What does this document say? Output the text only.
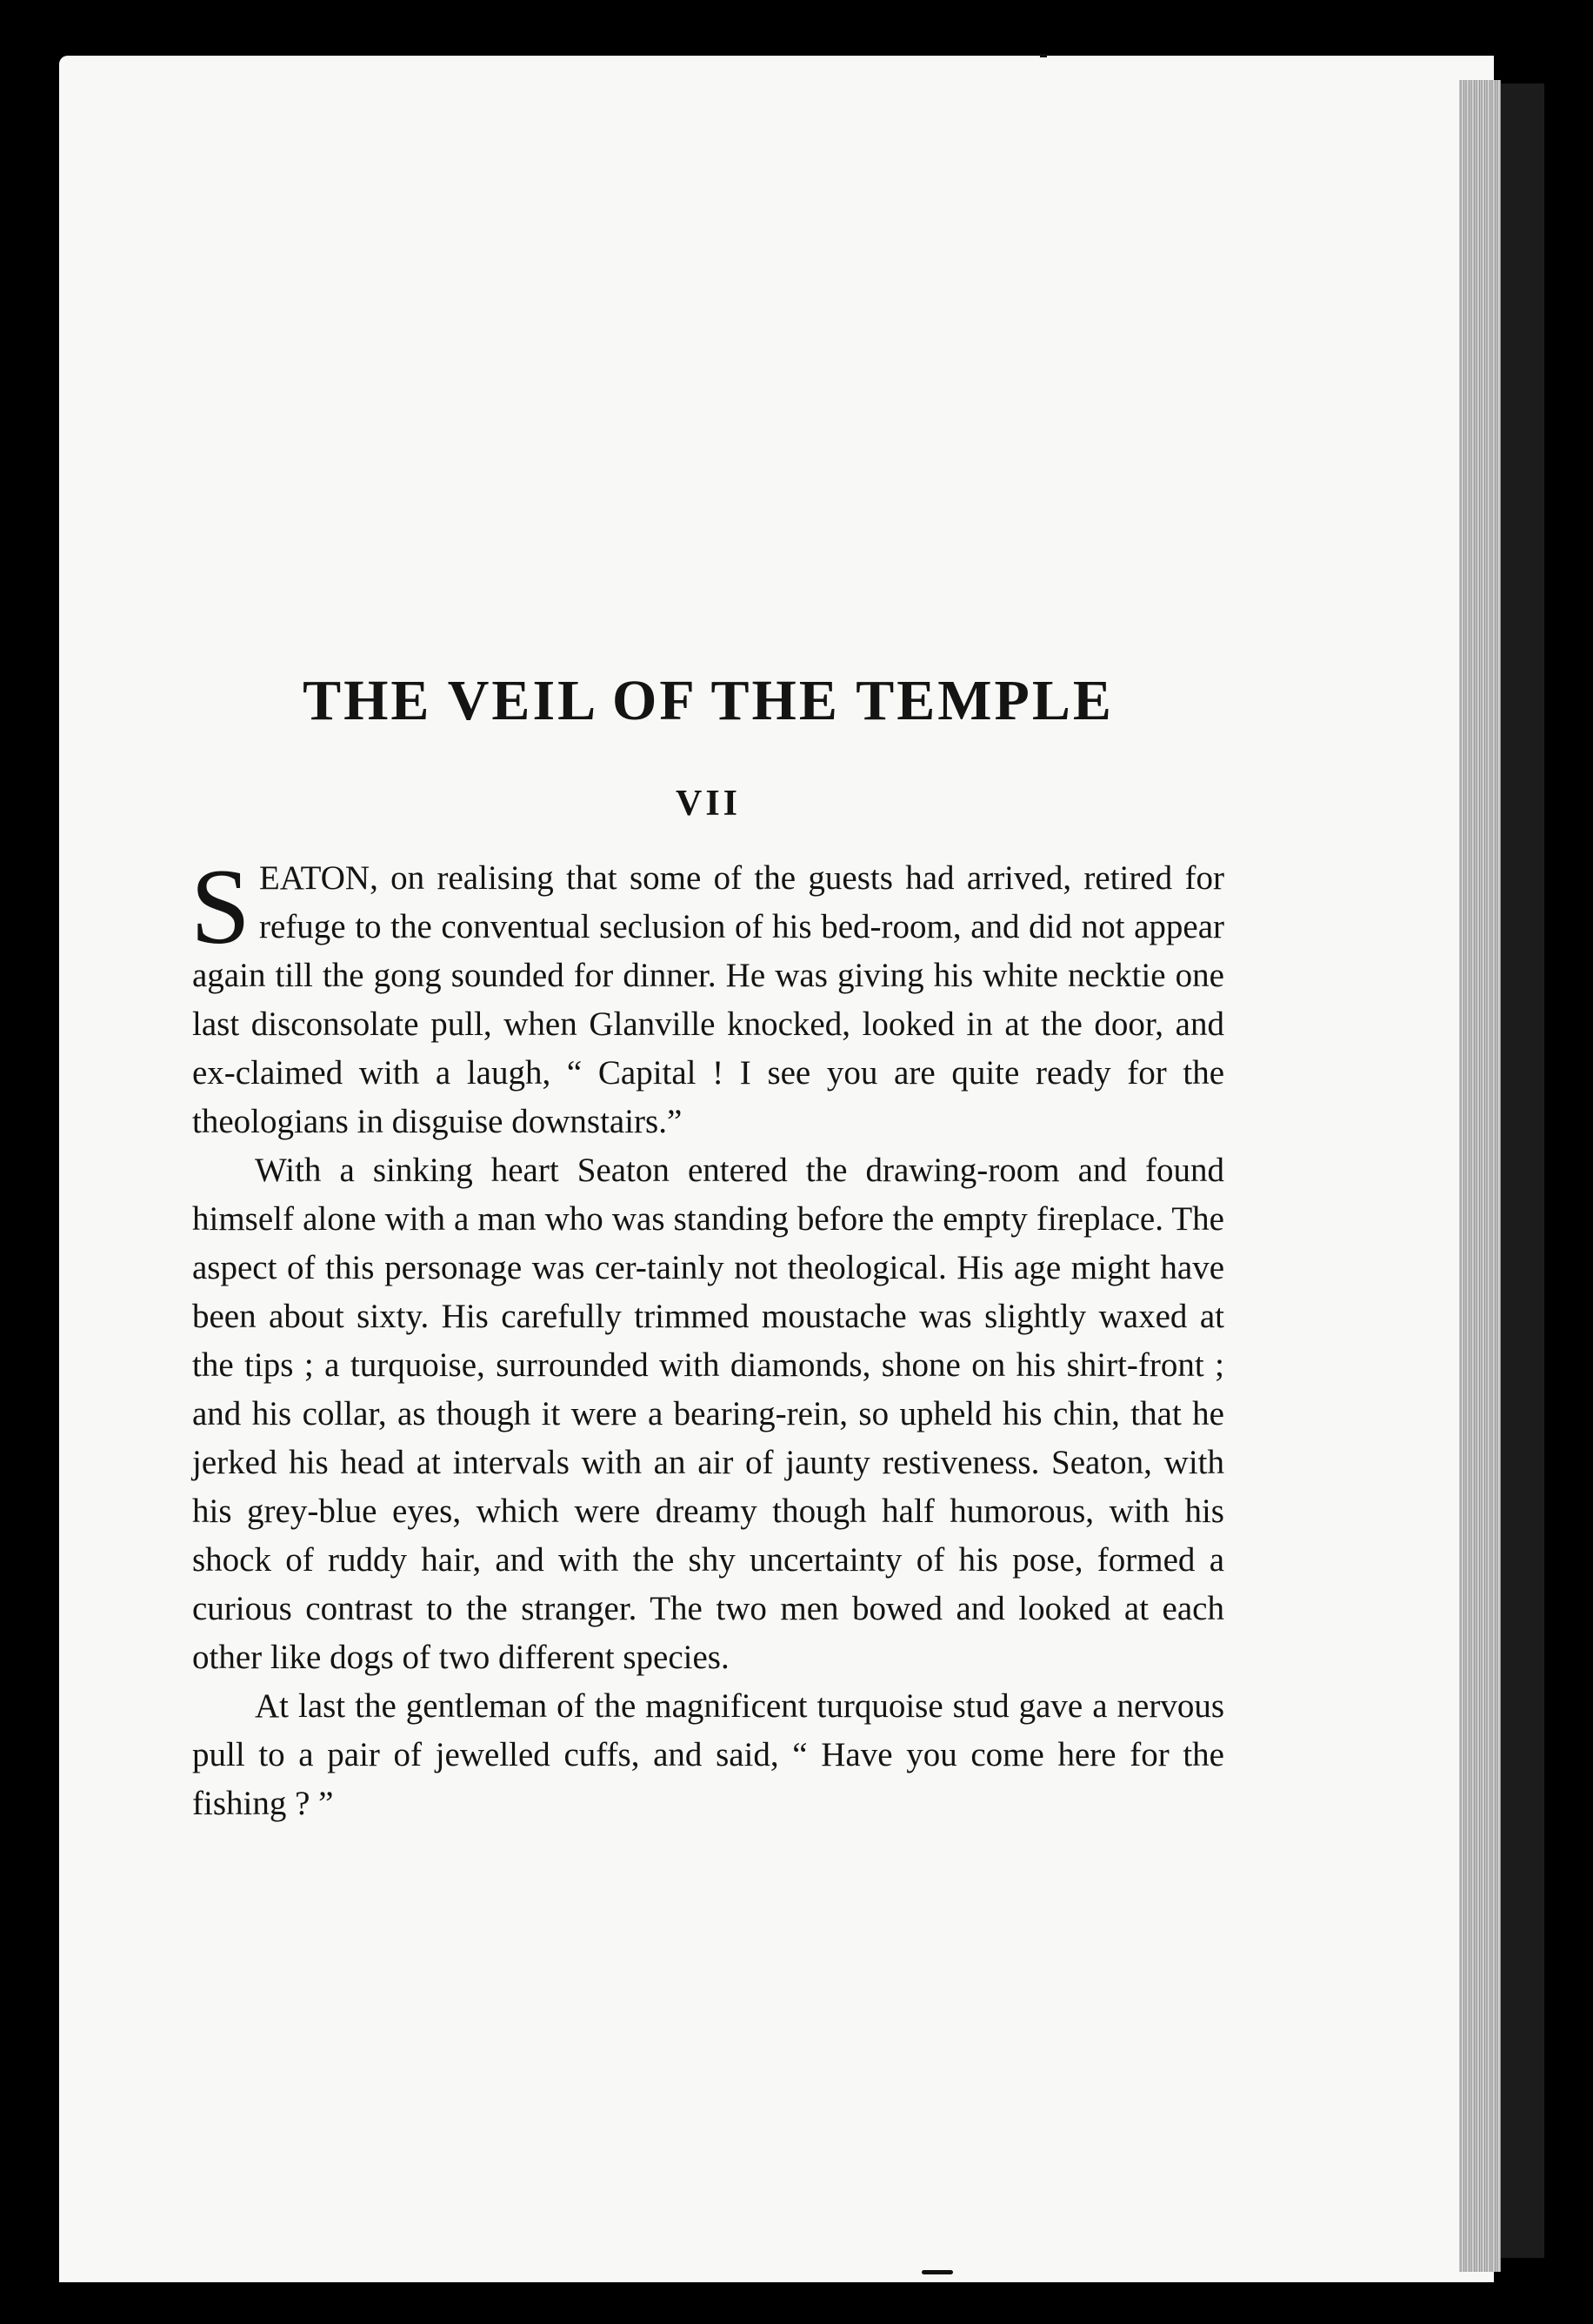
THE VEIL OF THE TEMPLE
VII

SEATON, on realising that some of the guests had arrived, retired for refuge to the conventual seclusion of his bed-room, and did not appear again till the gong sounded for dinner. He was giving his white necktie one last disconsolate pull, when Glanville knocked, looked in at the door, and ex-claimed with a laugh, “ Capital ! I see you are quite ready for the theologians in disguise downstairs.”

With a sinking heart Seaton entered the drawing-room and found himself alone with a man who was standing before the empty fireplace. The aspect of this personage was cer-tainly not theological. His age might have been about sixty. His carefully trimmed moustache was slightly waxed at the tips ; a turquoise, surrounded with diamonds, shone on his shirt-front ; and his collar, as though it were a bearing-rein, so upheld his chin, that he jerked his head at intervals with an air of jaunty restiveness. Seaton, with his grey-blue eyes, which were dreamy though half humorous, with his shock of ruddy hair, and with the shy uncertainty of his pose, formed a curious contrast to the stranger. The two men bowed and looked at each other like dogs of two different species.

At last the gentleman of the magnificent turquoise stud gave a nervous pull to a pair of jewelled cuffs, and said, “ Have you come here for the fishing ? ”
